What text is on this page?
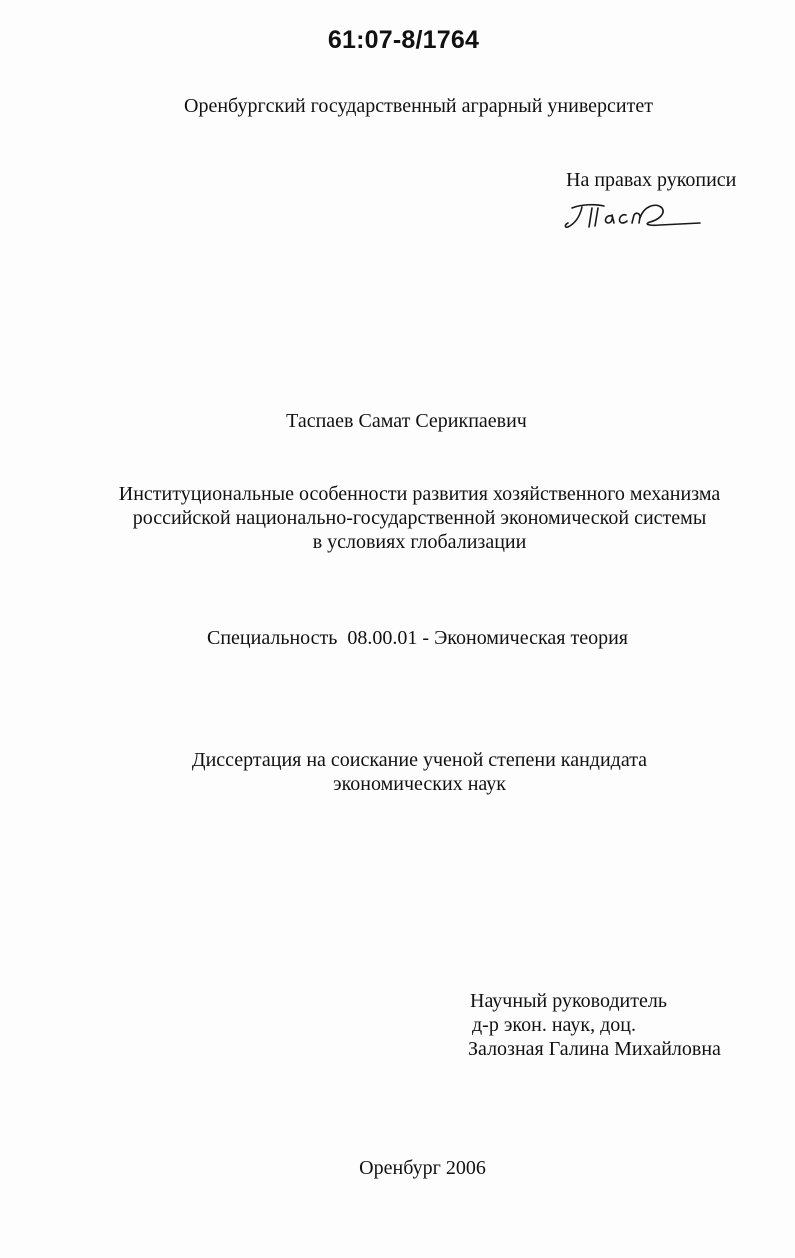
61:07-8/1764
Оренбургский государственный аграрный университет
На правах рукописи
Таспаев Самат Серикпаевич
Институциональные особенности развития хозяйственного механизма
российской национально-государственной экономической системы
в условиях глобализации
Специальность  08.00.01 - Экономическая теория
Диссертация на соискание ученой степени кандидата
экономических наук
Научный руководитель
д-р экон. наук, доц.
Залозная Галина Михайловна
Оренбург 2006
